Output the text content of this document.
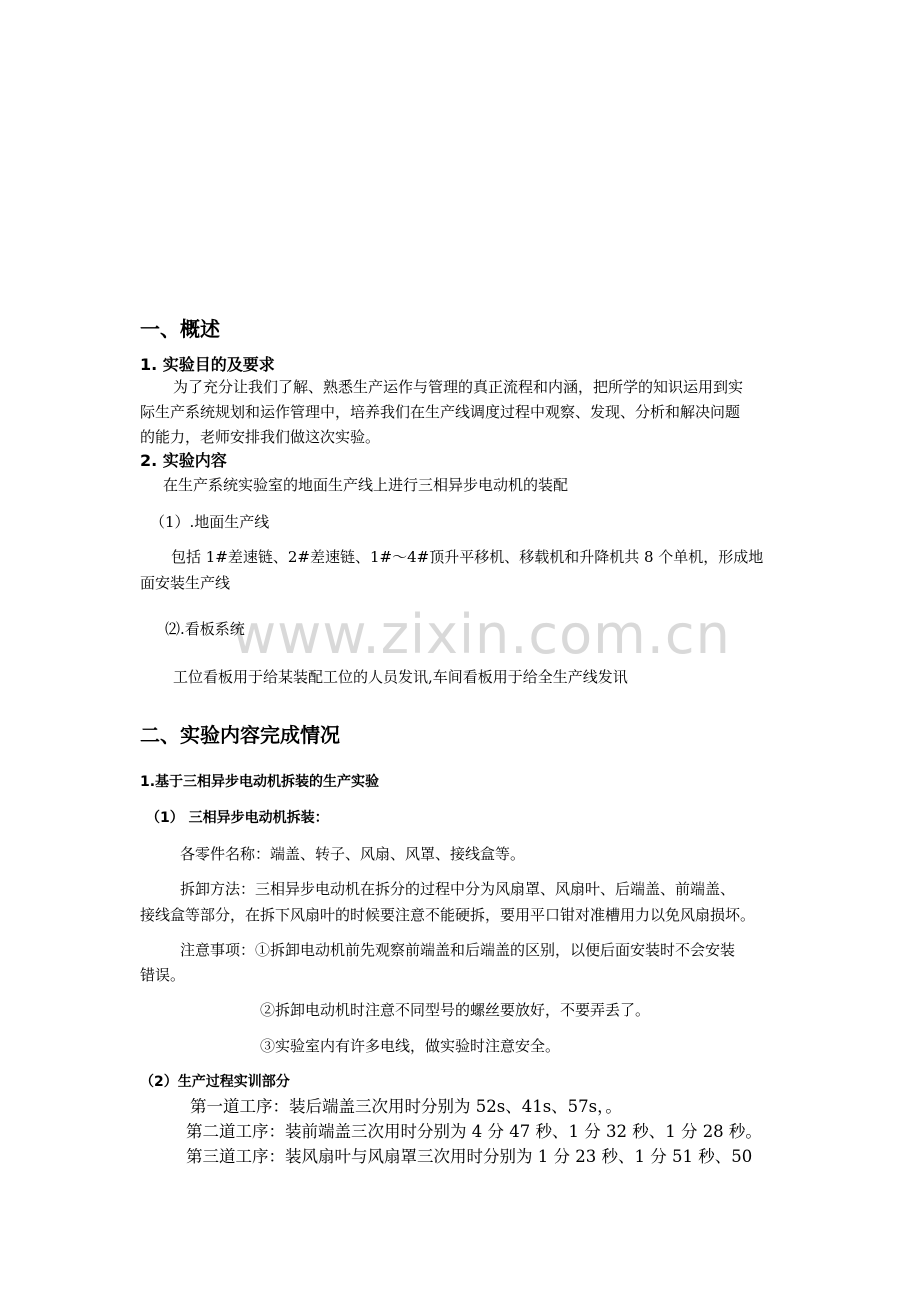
www.zixin.com.cn
一、概述
1. 实验目的及要求
为了充分让我们了解、熟悉生产运作与管理的真正流程和内涵，把所学的知识运用到实
际生产系统规划和运作管理中，培养我们在生产线调度过程中观察、发现、分析和解决问题
的能力，老师安排我们做这次实验。
2. 实验内容
在生产系统实验室的地面生产线上进行三相异步电动机的装配
（1）.地面生产线
包括 1#差速链、2#差速链、1#～4#顶升平移机、移载机和升降机共 8 个单机，形成地
面安装生产线
⑵.看板系统
工位看板用于给某装配工位的人员发讯,车间看板用于给全生产线发讯
二、实验内容完成情况
1.基于三相异步电动机拆装的生产实验
（1） 三相异步电动机拆装：
各零件名称：端盖、转子、风扇、风罩、接线盒等。
拆卸方法：三相异步电动机在拆分的过程中分为风扇罩、风扇叶、后端盖、前端盖、
接线盒等部分，在拆下风扇叶的时候要注意不能硬拆，要用平口钳对准槽用力以免风扇损坏。
注意事项：①拆卸电动机前先观察前端盖和后端盖的区别，以便后面安装时不会安装
错误。
②拆卸电动机时注意不同型号的螺丝要放好，不要弄丢了。
③实验室内有许多电线，做实验时注意安全。
（2）生产过程实训部分
第一道工序：装后端盖三次用时分别为 52s、41s、57s，。
第二道工序：装前端盖三次用时分别为 4 分 47 秒、1 分 32 秒、1 分 28 秒。
第三道工序：装风扇叶与风扇罩三次用时分别为 1 分 23 秒、1 分 51 秒、50
